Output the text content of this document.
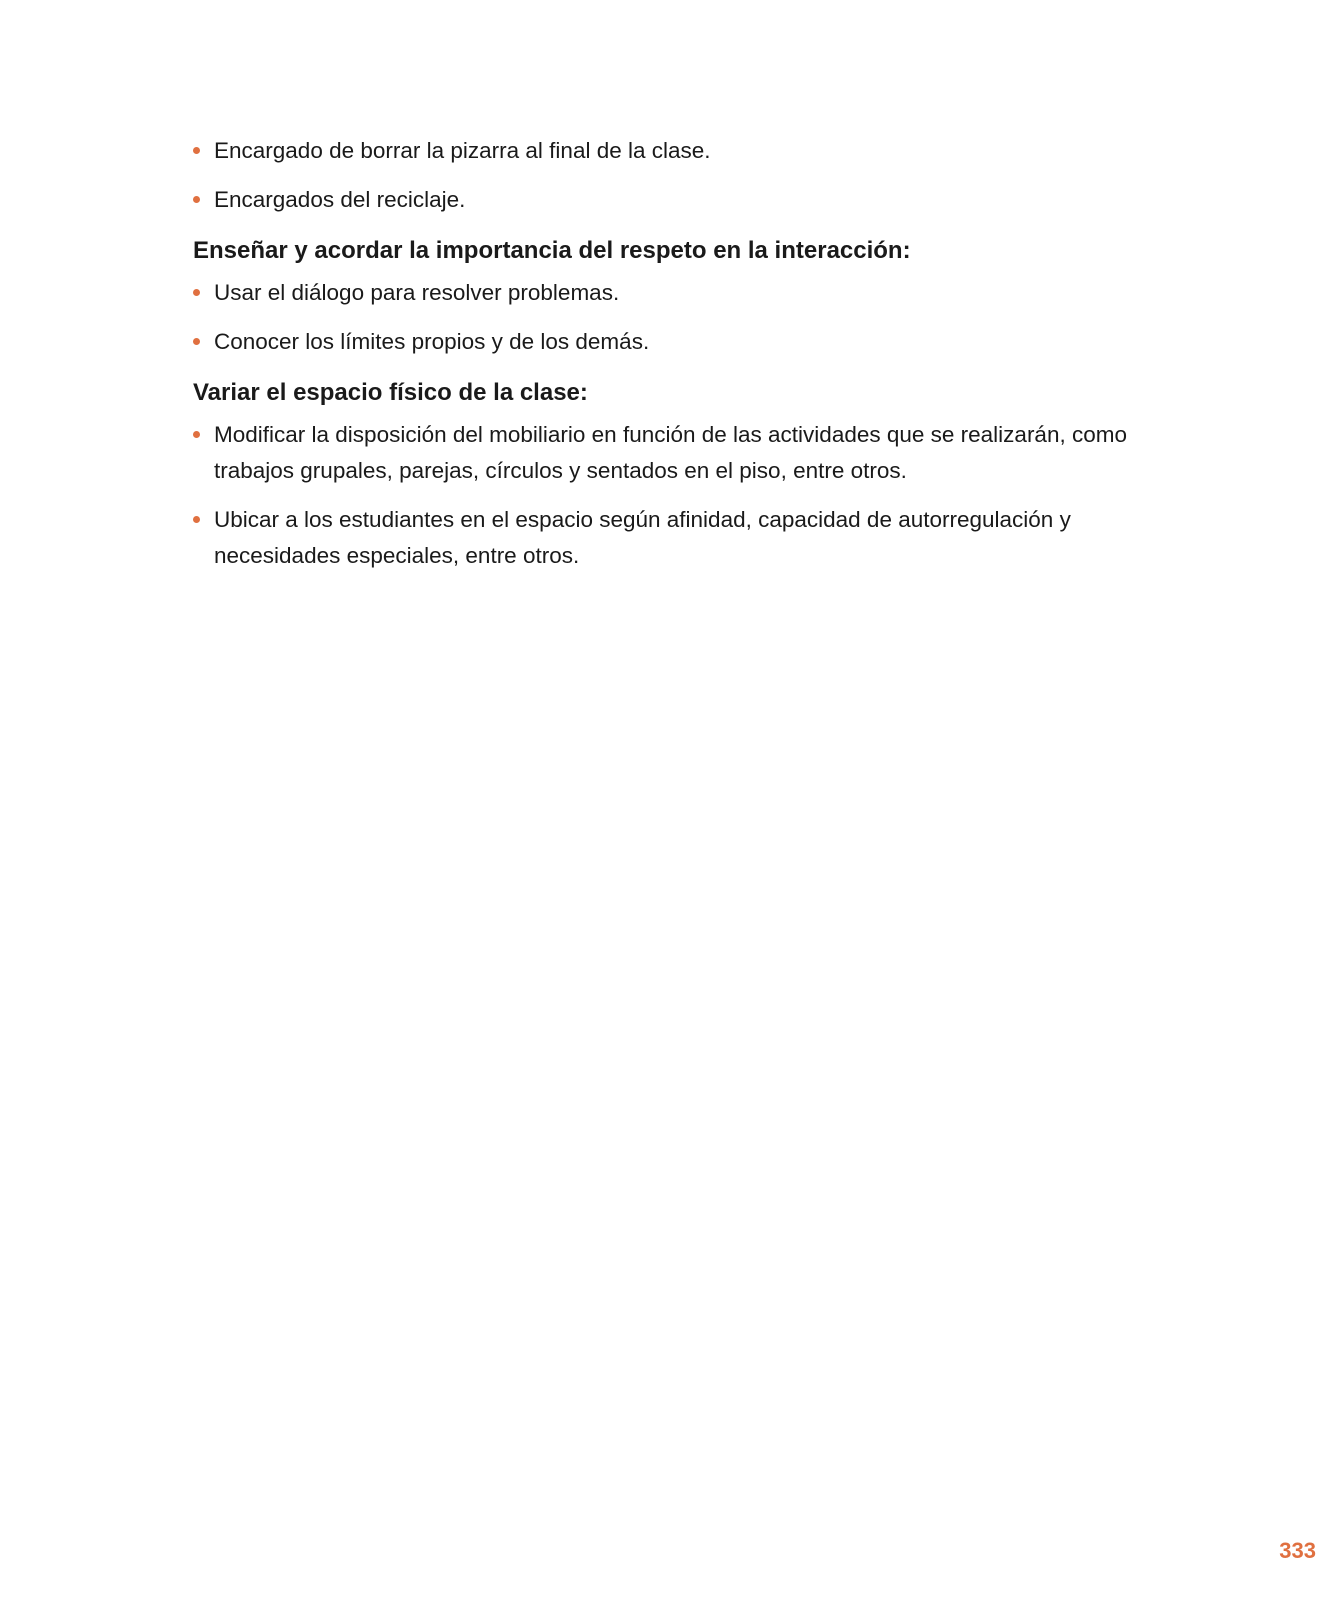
Encargado de borrar la pizarra al final de la clase.
Encargados del reciclaje.
Enseñar y acordar la importancia del respeto en la interacción:
Usar el diálogo para resolver problemas.
Conocer los límites propios y de los demás.
Variar el espacio físico de la clase:
Modificar la disposición del mobiliario en función de las actividades que se realizarán, como trabajos grupales, parejas, círculos y sentados en el piso, entre otros.
Ubicar a los estudiantes en el espacio según afinidad, capacidad de autorregulación y necesidades especiales, entre otros.
333
